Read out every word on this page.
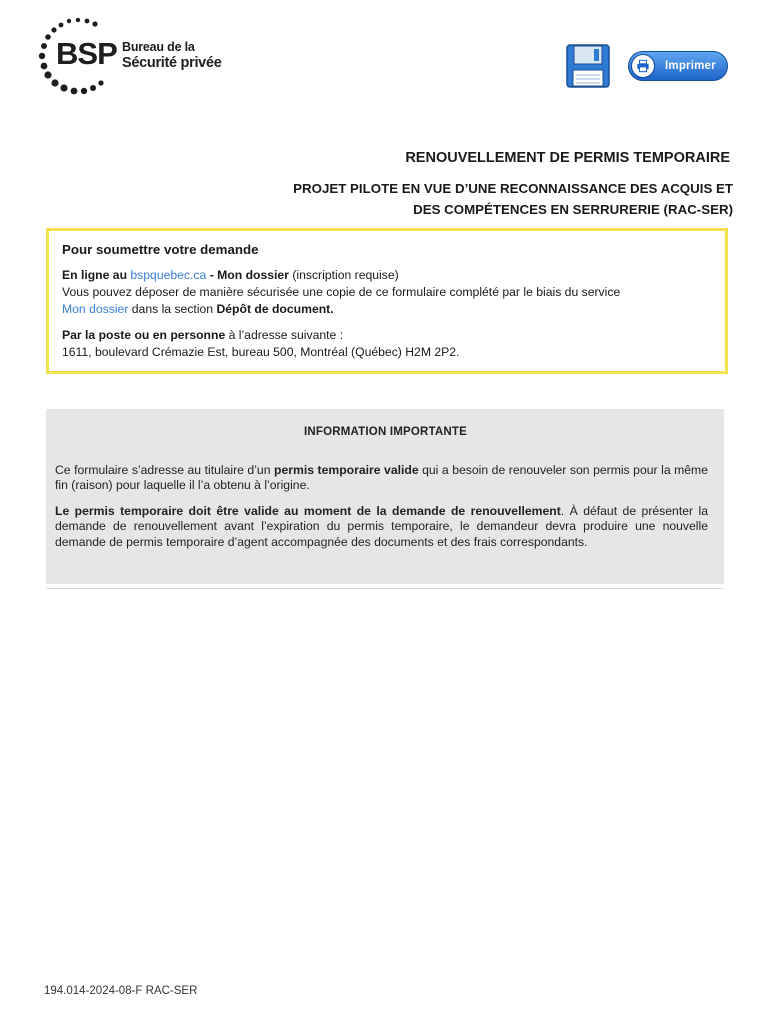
BSP Bureau de la
Sécurité privée	Imprimer
RENOUVELLEMENT DE PERMIS TEMPORAIRE
PROJET PILOTE EN VUE D’UNE RECONNAISSANCE DES ACQUIS ET
DES COMPÉTENCES EN SERRURERIE (RAC-SER)
Pour soumettre votre demande
En ligne au bspquebec.ca - Mon dossier (inscription requise)
Vous pouvez déposer de manière sécurisée une copie de ce formulaire complété par le biais du service
Mon dossier dans la section Dépôt de document.
Par la poste ou en personne à l’adresse suivante :
1611, boulevard Crémazie Est, bureau 500, Montréal (Québec) H2M 2P2.
INFORMATION IMPORTANTE

Ce formulaire s’adresse au titulaire d’un permis temporaire valide qui a besoin de renouveler son permis pour la même fin (raison) pour laquelle il l’a obtenu à l’origine.

Le permis temporaire doit être valide au moment de la demande de renouvellement. À défaut de présenter la demande de renouvellement avant l’expiration du permis temporaire, le demandeur devra produire une nouvelle demande de permis temporaire d’agent accompagnée des documents et des frais correspondants.

194.014-2024-08-F RAC-SER
